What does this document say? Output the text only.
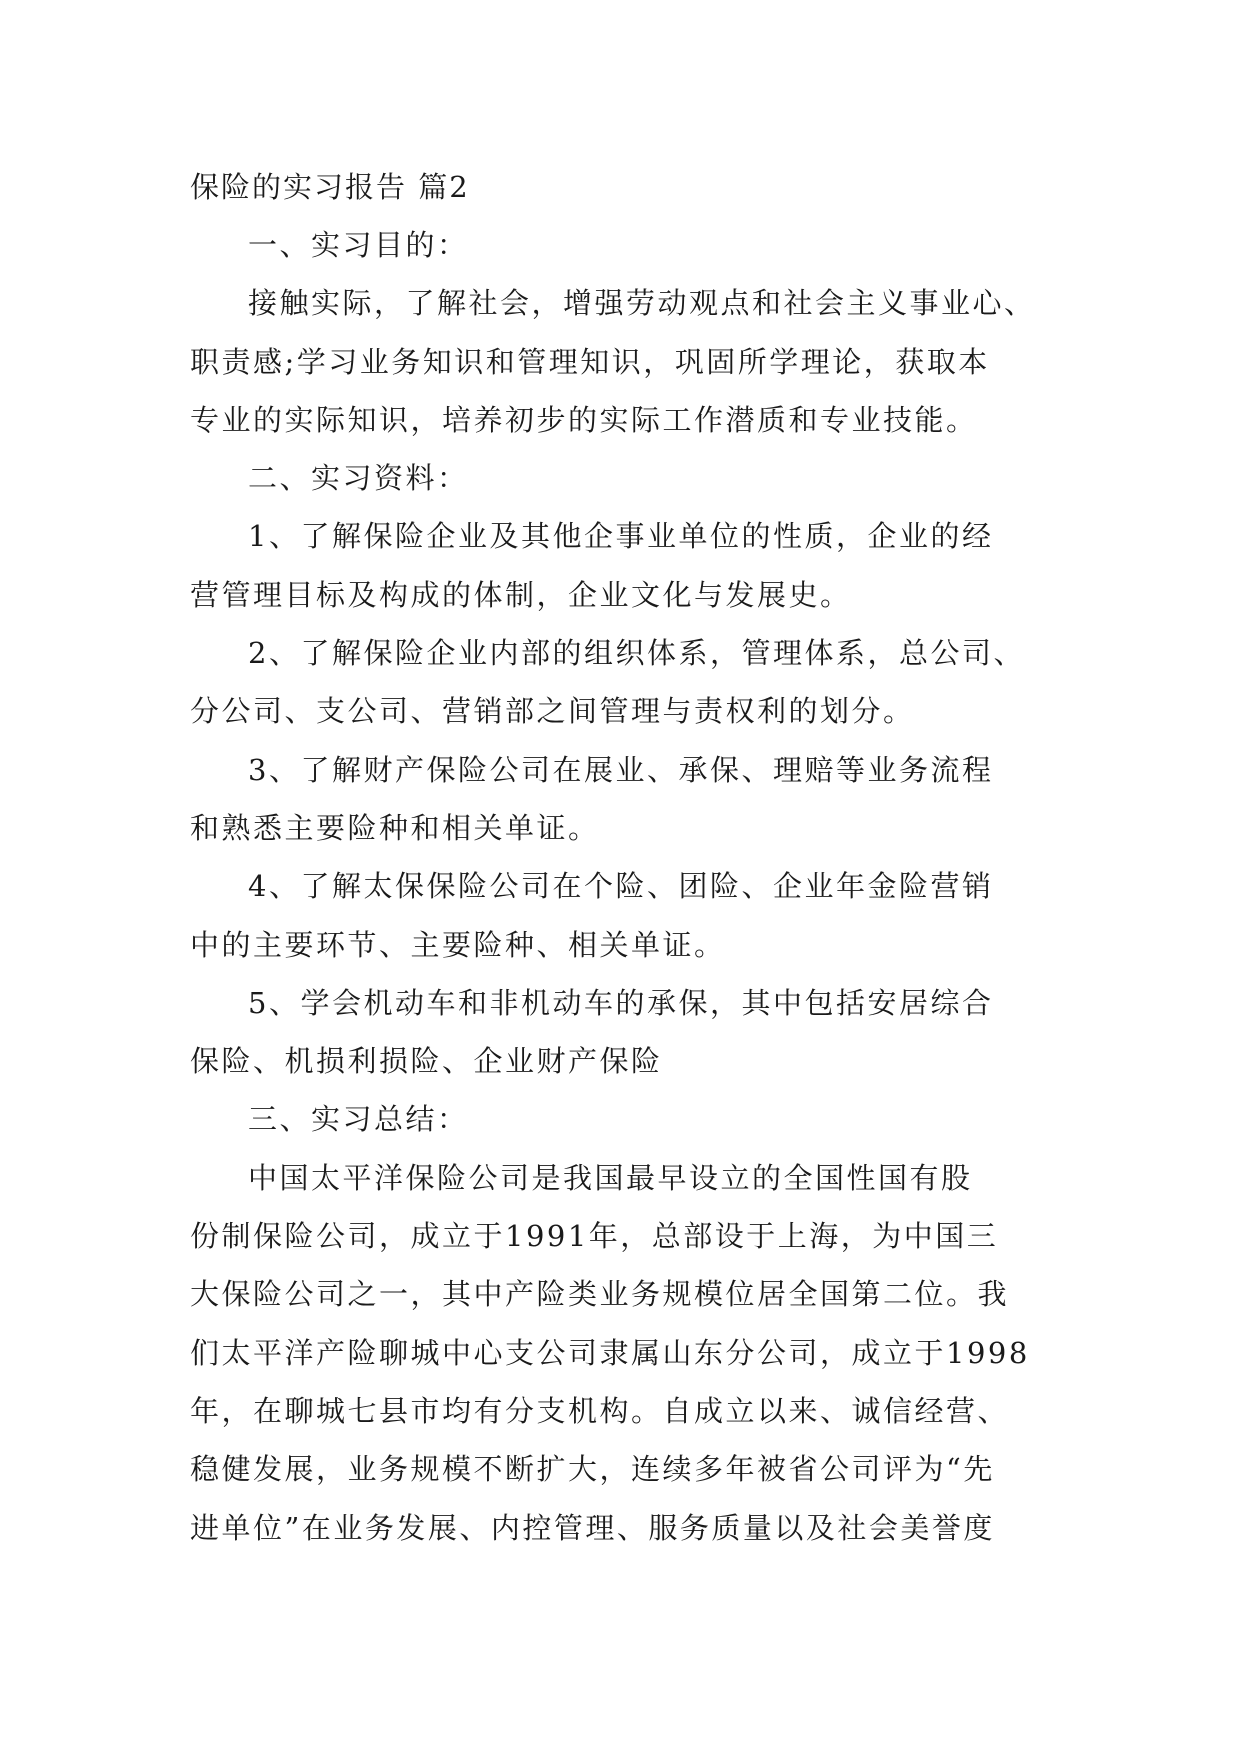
保险的实习报告 篇2

一、实习目的：

接触实际，了解社会，增强劳动观点和社会主义事业心、
职责感;学习业务知识和管理知识，巩固所学理论，获取本
专业的实际知识，培养初步的实际工作潜质和专业技能。

二、实习资料：

1、了解保险企业及其他企事业单位的性质，企业的经
营管理目标及构成的体制，企业文化与发展史。

2、了解保险企业内部的组织体系，管理体系，总公司、
分公司、支公司、营销部之间管理与责权利的划分。

3、了解财产保险公司在展业、承保、理赔等业务流程
和熟悉主要险种和相关单证。

4、了解太保保险公司在个险、团险、企业年金险营销
中的主要环节、主要险种、相关单证。

5、学会机动车和非机动车的承保，其中包括安居综合
保险、机损利损险、企业财产保险

三、实习总结：

中国太平洋保险公司是我国最早设立的全国性国有股
份制保险公司，成立于1991年，总部设于上海，为中国三
大保险公司之一，其中产险类业务规模位居全国第二位。我
们太平洋产险聊城中心支公司隶属山东分公司，成立于1998
年，在聊城七县市均有分支机构。自成立以来、诚信经营、
稳健发展，业务规模不断扩大，连续多年被省公司评为“先
进单位”在业务发展、内控管理、服务质量以及社会美誉度
